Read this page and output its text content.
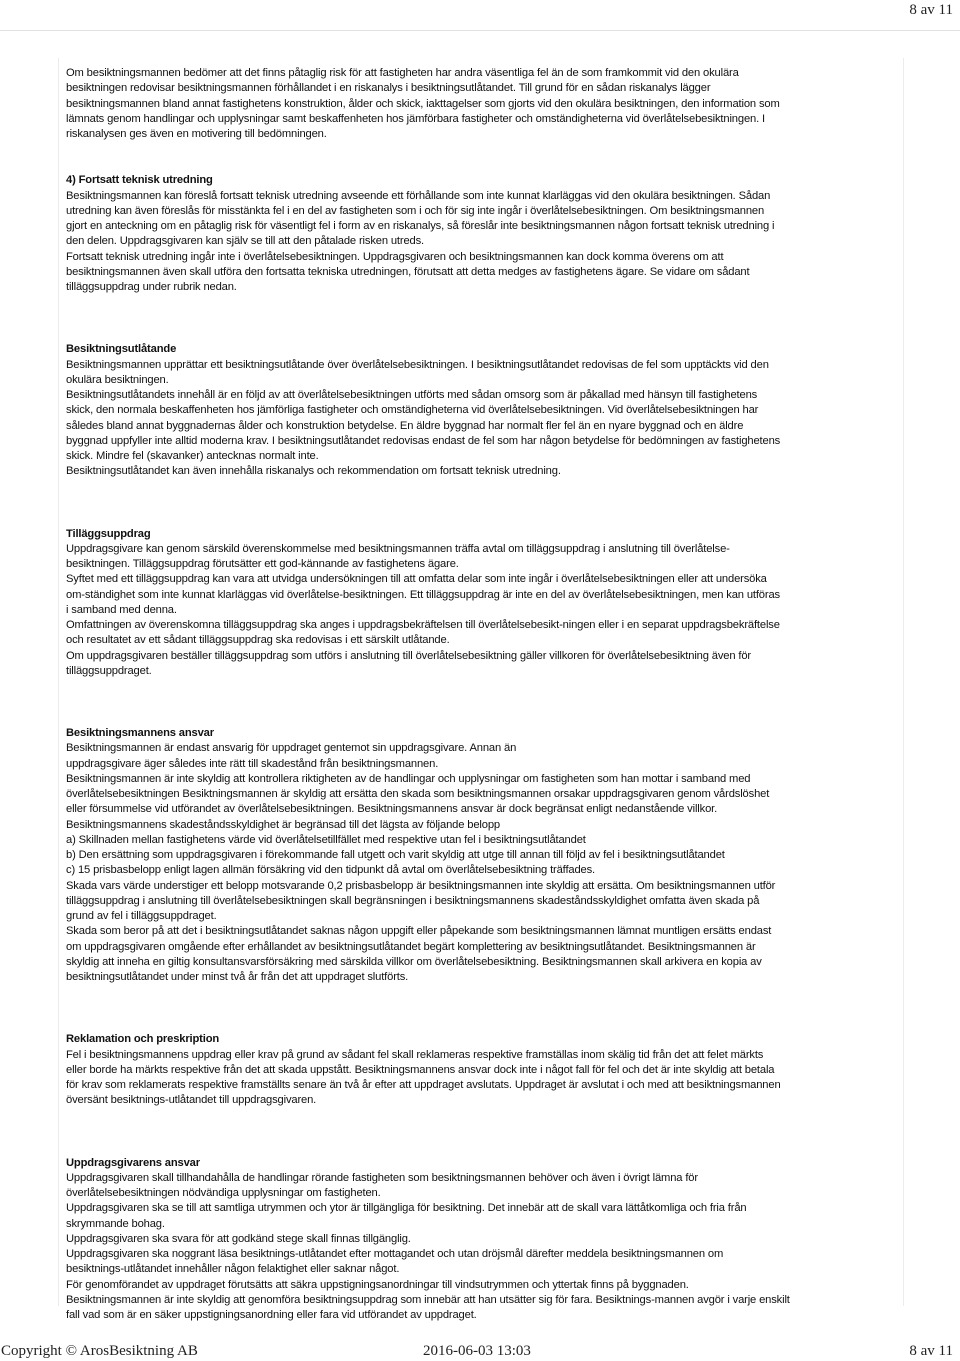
8 av 11

Om besiktningsmannen bedömer att det finns påtaglig risk för att fastigheten har andra väsentliga fel än de som framkommit vid den okulära

besiktningen redovisar besiktningsmannen förhållandet i en riskanalys i besiktningsutlåtandet. Till grund för en sådan riskanalys lägger

besiktningsmannen bland annat fastighetens konstruktion, ålder och skick, iakttagelser som gjorts vid den okulära besiktningen, den information som

lämnats genom handlingar och upplysningar samt beskaffenheten hos jämförbara fastigheter och omständigheterna vid överlåtelsebesiktningen. I

riskanalysen ges även en motivering till bedömningen.

4) Fortsatt teknisk utredning

Besiktningsmannen kan föreslå fortsatt teknisk utredning avseende ett förhållande som inte kunnat klarläggas vid den okulära besiktningen. Sådan

utredning kan även föreslås för misstänkta fel i en del av fastigheten som i och för sig inte ingår i överlåtelsebesiktningen. Om besiktningsmannen

gjort en anteckning om en påtaglig risk för väsentligt fel i form av en riskanalys, så föreslår inte besiktningsmannen någon fortsatt teknisk utredning i

den delen. Uppdragsgivaren kan själv se till att den påtalade risken utreds.

Fortsatt teknisk utredning ingår inte i överlåtelsebesiktningen. Uppdragsgivaren och besiktningsmannen kan dock komma överens om att

besiktningsmannen även skall utföra den fortsatta tekniska utredningen, förutsatt att detta medges av fastighetens ägare. Se vidare om sådant

tilläggsuppdrag under rubrik nedan.

Besiktningsutlåtande

Besiktningsmannen upprättar ett besiktningsutlåtande över överlåtelsebesiktningen. I besiktningsutlåtandet redovisas de fel som upptäckts vid den

okulära besiktningen.

Besiktningsutlåtandets innehåll är en följd av att överlåtelsebesiktningen utförts med sådan omsorg som är påkallad med hänsyn till fastighetens

skick, den normala beskaffenheten hos jämförliga fastigheter och omständigheterna vid överlåtelsebesiktningen. Vid överlåtelsebesiktningen har

således bland annat byggnadernas ålder och konstruktion betydelse. En äldre byggnad har normalt fler fel än en nyare byggnad och en äldre

byggnad uppfyller inte alltid moderna krav. I besiktningsutlåtandet redovisas endast de fel som har någon betydelse för bedömningen av fastighetens

skick. Mindre fel (skavanker) antecknas normalt inte.

Besiktningsutlåtandet kan även innehålla riskanalys och rekommendation om fortsatt teknisk utredning.

Tilläggsuppdrag

Uppdragsgivare kan genom särskild överenskommelse med besiktningsmannen träffa avtal om tilläggsuppdrag i anslutning till överlåtelse-

besiktningen. Tilläggsuppdrag förutsätter ett god-kännande av fastighetens ägare.

Syftet med ett tilläggsuppdrag kan vara att utvidga undersökningen till att omfatta delar som inte ingår i överlåtelsebesiktningen eller att undersöka

om-ständighet som inte kunnat klarläggas vid överlåtelse-besiktningen. Ett tilläggsuppdrag är inte en del av överlåtelsebesiktningen, men kan utföras

i samband med denna.

Omfattningen av överenskomna tilläggsuppdrag ska anges i uppdragsbekräftelsen till överlåtelsebesikt-ningen eller i en separat uppdragsbekräftelse

och resultatet av ett sådant tilläggsuppdrag ska redovisas i ett särskilt utlåtande.

Om uppdragsgivaren beställer tilläggsuppdrag som utförs i anslutning till överlåtelsebesiktning gäller villkoren för överlåtelsebesiktning även för

tilläggsuppdraget.

Besiktningsmannens ansvar

Besiktningsmannen är endast ansvarig för uppdraget gentemot sin uppdragsgivare. Annan än

uppdragsgivare äger således inte rätt till skadestånd från besiktningsmannen.

Besiktningsmannen är inte skyldig att kontrollera riktigheten av de handlingar och upplysningar om fastigheten som han mottar i samband med

överlåtelsebesiktningen Besiktningsmannen är skyldig att ersätta den skada som besiktningsmannen orsakar uppdragsgivaren genom vårdslöshet

eller försummelse vid utförandet av överlåtelsebesiktningen. Besiktningsmannens ansvar är dock begränsat enligt nedanstående villkor.

Besiktningsmannens skadeståndsskyldighet är begränsad till det lägsta av följande belopp

a) Skillnaden mellan fastighetens värde vid överlåtelsetillfället med respektive utan fel i besiktningsutlåtandet

b) Den ersättning som uppdragsgivaren i förekommande fall utgett och varit skyldig att utge till annan till följd av fel i besiktningsutlåtandet

c) 15 prisbasbelopp enligt lagen allmän försäkring vid den tidpunkt då avtal om överlåtelsebesiktning träffades.

Skada vars värde understiger ett belopp motsvarande 0,2 prisbasbelopp är besiktningsmannen inte skyldig att ersätta. Om besiktningsmannen utför

tilläggsuppdrag i anslutning till överlåtelsebesiktningen skall begränsningen i besiktningsmannens skadeståndsskyldighet omfatta även skada på

grund av fel i tilläggsuppdraget.

Skada som beror på att det i besiktningsutlåtandet saknas någon uppgift eller påpekande som besiktningsmannen lämnat muntligen ersätts endast

om uppdragsgivaren omgående efter erhållandet av besiktningsutlåtandet begärt komplettering av besiktningsutlåtandet. Besiktningsmannen är

skyldig att inneha en giltig konsultansvarsförsäkring med särskilda villkor om överlåtelsebesiktning. Besiktningsmannen skall arkivera en kopia av

besiktningsutlåtandet under minst två år från det att uppdraget slutförts.

Reklamation och preskription

Fel i besiktningsmannens uppdrag eller krav på grund av sådant fel skall reklameras respektive framställas inom skälig tid från det att felet märkts

eller borde ha märkts respektive från det att skada uppstått. Besiktningsmannens ansvar dock inte i något fall för fel och det är inte skyldig att betala

för krav som reklamerats respektive framställts senare än två år efter att uppdraget avslutats. Uppdraget är avslutat i och med att besiktningsmannen

översänt besiktnings-utlåtandet till uppdragsgivaren.

Uppdragsgivarens ansvar

Uppdragsgivaren skall tillhandahålla de handlingar rörande fastigheten som besiktningsmannen behöver och även i övrigt lämna för

överlåtelsebesiktningen nödvändiga upplysningar om fastigheten.

Uppdragsgivaren ska se till att samtliga utrymmen och ytor är tillgängliga för besiktning. Det innebär att de skall vara lättåtkomliga och fria från

skrymmande bohag.

Uppdragsgivaren ska svara för att godkänd stege skall finnas tillgänglig.

Uppdragsgivaren ska noggrant läsa besiktnings-utlåtandet efter mottagandet och utan dröjsmål därefter meddela besiktningsmannen om

besiktnings-utlåtandet innehåller någon felaktighet eller saknar något.

För genomförandet av uppdraget förutsätts att säkra uppstigningsanordningar till vindsutrymmen och yttertak finns på byggnaden.

Besiktningsmannen är inte skyldig att genomföra besiktningsuppdrag som innebär att han utsätter sig för fara. Besiktnings-mannen avgör i varje enskilt

fall vad som är en säker uppstigningsanordning eller fara vid utförandet av uppdraget.

Copyright © ArosBesiktning AB	2016-06-03 13:03	8 av 11
